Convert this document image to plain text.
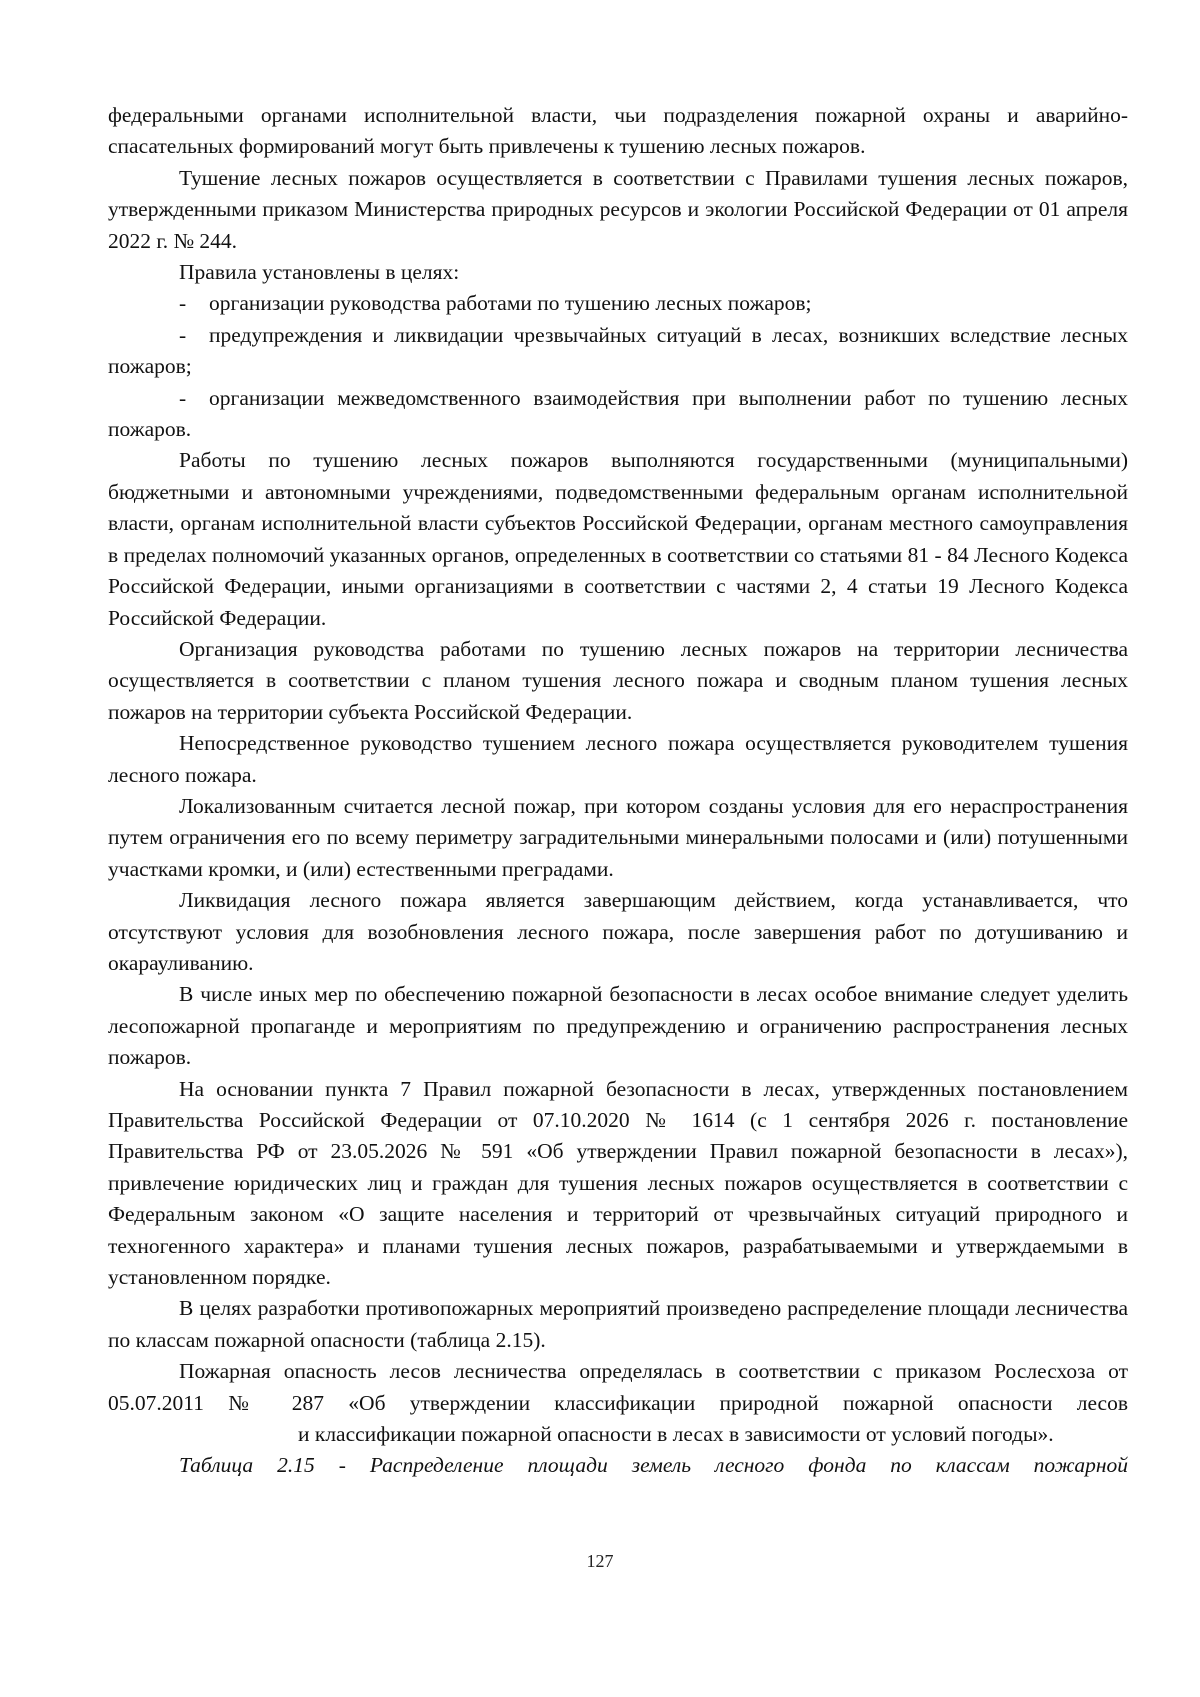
федеральными органами исполнительной власти, чьи подразделения пожарной охраны и аварийно-спасательных формирований могут быть привлечены к тушению лесных пожаров.

Тушение лесных пожаров осуществляется в соответствии с Правилами тушения лесных пожаров, утвержденными приказом Министерства природных ресурсов и экологии Российской Федерации от 01 апреля 2022 г. № 244.

Правила установлены в целях:

- организации руководства работами по тушению лесных пожаров;

- предупреждения и ликвидации чрезвычайных ситуаций в лесах, возникших вследствие лесных пожаров;

- организации межведомственного взаимодействия при выполнении работ по тушению лесных пожаров.

Работы по тушению лесных пожаров выполняются государственными (муниципальными) бюджетными и автономными учреждениями, подведомственными федеральным органам исполнительной власти, органам исполнительной власти субъектов Российской Федерации, органам местного самоуправления в пределах полномочий указанных органов, определенных в соответствии со статьями 81 - 84 Лесного Кодекса Российской Федерации, иными организациями в соответствии с частями 2, 4 статьи 19 Лесного Кодекса Российской Федерации.

Организация руководства работами по тушению лесных пожаров на территории лесничества осуществляется в соответствии с планом тушения лесного пожара и сводным планом тушения лесных пожаров на территории субъекта Российской Федерации.

Непосредственное руководство тушением лесного пожара осуществляется руководителем тушения лесного пожара.

Локализованным считается лесной пожар, при котором созданы условия для его нераспространения путем ограничения его по всему периметру заградительными минеральными полосами и (или) потушенными участками кромки, и (или) естественными преградами.

Ликвидация лесного пожара является завершающим действием, когда устанавливается, что отсутствуют условия для возобновления лесного пожара, после завершения работ по дотушиванию и окарауливанию.

В числе иных мер по обеспечению пожарной безопасности в лесах особое внимание следует уделить лесопожарной пропаганде и мероприятиям по предупреждению и ограничению распространения лесных пожаров.

На основании пункта 7 Правил пожарной безопасности в лесах, утвержденных постановлением Правительства Российской Федерации от 07.10.2020 № 1614 (с 1 сентября 2026 г. постановление Правительства РФ от 23.05.2026 № 591 «Об утверждении Правил пожарной безопасности в лесах»), привлечение юридических лиц и граждан для тушения лесных пожаров осуществляется в соответствии с Федеральным законом «О защите населения и территорий от чрезвычайных ситуаций природного и техногенного характера» и планами тушения лесных пожаров, разрабатываемыми и утверждаемыми в установленном порядке.

В целях разработки противопожарных мероприятий произведено распределение площади лесничества по классам пожарной опасности (таблица 2.15).

Пожарная опасность лесов лесничества определялась в соответствии с приказом Рослесхоза от 05.07.2011 № 287 «Об утверждении классификации природной пожарной опасности лесови классификации пожарной опасности в лесах в зависимости от условий погоды».

Таблица 2.15 - Распределение площади земель лесного фонда по классам пожарной

127
